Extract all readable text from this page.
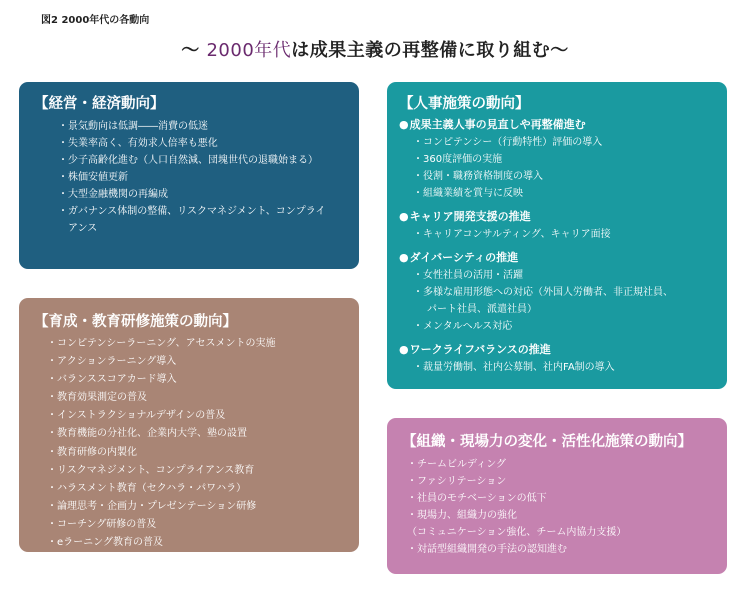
図2 2000年代の各動向
～ 2000年代は成果主義の再整備に取り組む～
【経営・経済動向】
・ 景気動向は低調――消費の低迷
・ 失業率高く、有効求人倍率も悪化
・ 少子高齢化進む（人口自然減、団塊世代の退職始まる）
・ 株価安値更新
・ 大型金融機関の再編成
・ ガバナンス体制の整備、リスクマネジメント、コンプライ
アンス
【人事施策の動向】
● 成果主義人事の見直しや再整備進む
・ コンピテンシー（行動特性）評価の導入
・ 360度評価の実施
・ 役割・職務資格制度の導入
・ 組織業績を賞与に反映
● キャリア開発支援の推進
・ キャリアコンサルティング、キャリア面接
● ダイバーシティの推進
・ 女性社員の活用・活躍
・ 多様な雇用形態への対応（外国人労働者、非正規社員、
パート社員、派遣社員）
・ メンタルヘルス対応
● ワークライフバランスの推進
・ 裁量労働制、社内公募制、社内FA制の導入
【育成・教育研修施策の動向】
・ コンピテンシーラーニング、アセスメントの実施
・ アクションラーニング導入
・ バランススコアカード導入
・ 教育効果測定の普及
・ インストラクショナルデザインの普及
・ 教育機能の分社化、企業内大学、塾の設置
・ 教育研修の内製化
・ リスクマネジメント、コンプライアンス教育
・ ハラスメント教育（セクハラ・パワハラ）
・ 論理思考・企画力・プレゼンテーション研修
・ コーチング研修の普及
・ eラーニング教育の普及
【組織・現場力の変化・活性化施策の動向】
・ チームビルディング
・ ファシリテーション
・ 社員のモチベーションの低下
・ 現場力、組織力の強化
（コミュニケーション強化、チーム内協力支援）
・ 対話型組織開発の手法の認知進む
